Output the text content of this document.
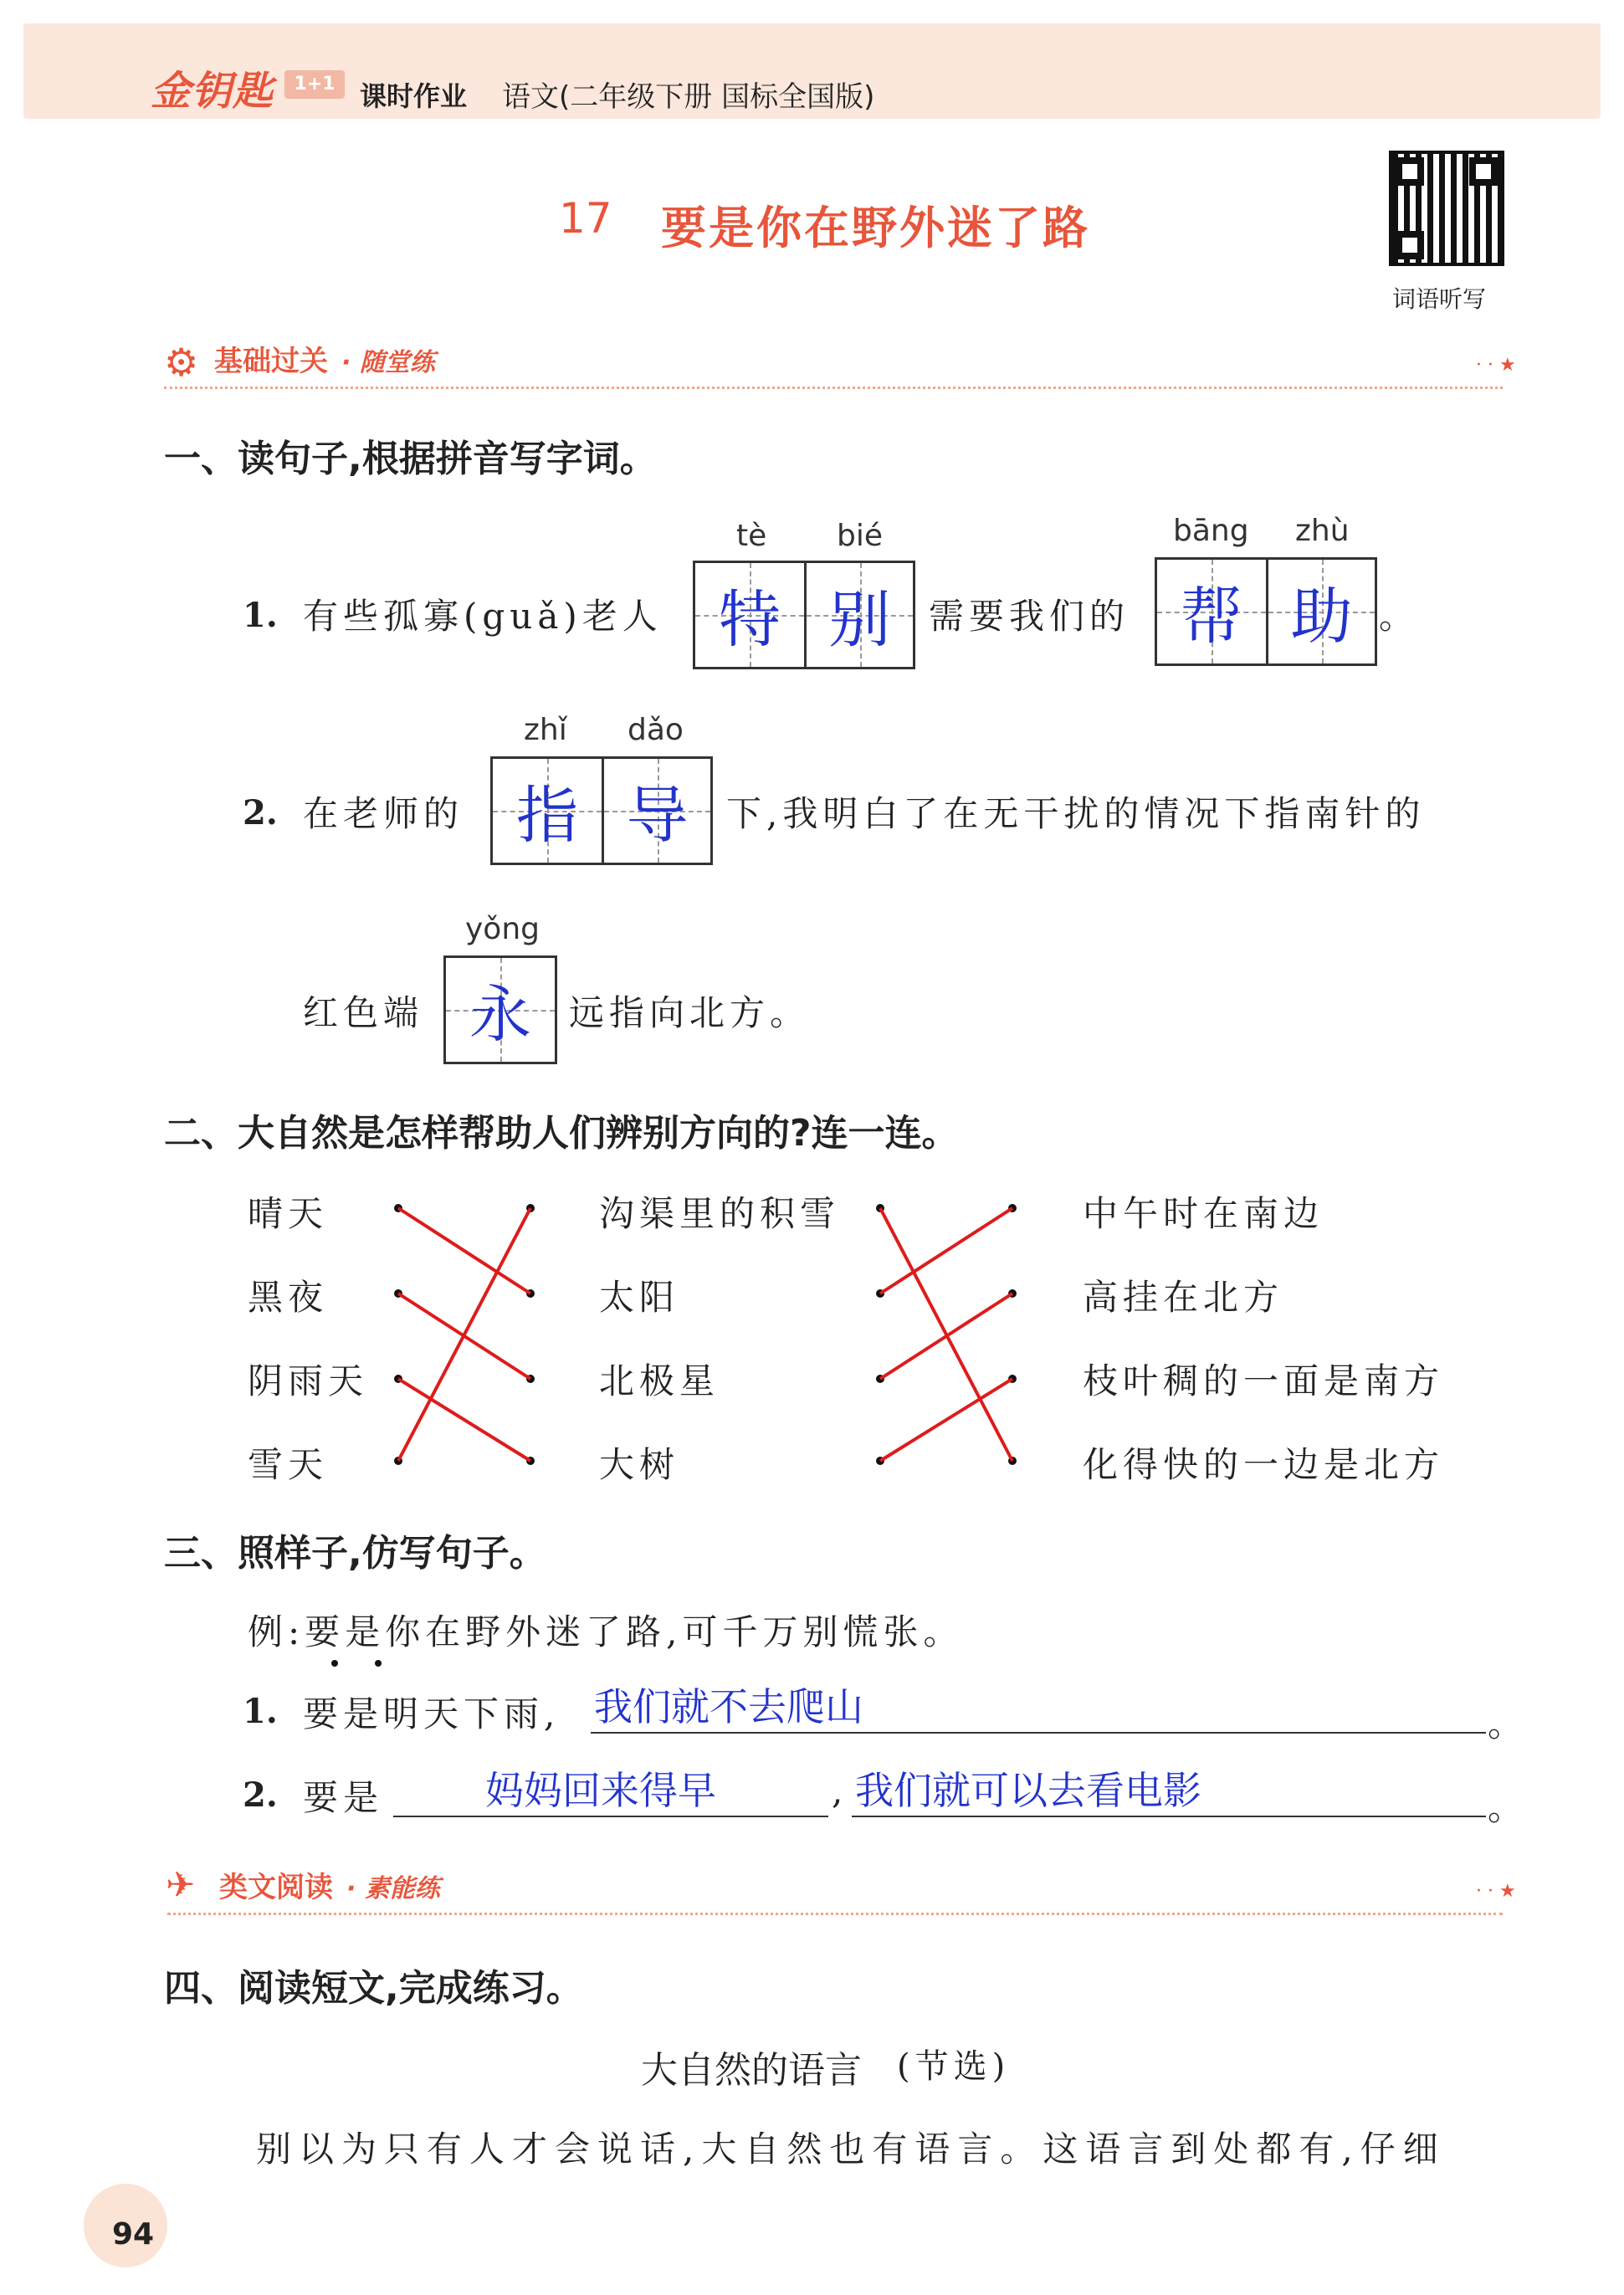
金钥匙	1+1 课时作业 语文(二年级下册 国标全国版)
17 要是你在野外迷了路
词语听写
⚙ 基础过关 · 随堂练	· · ★
一、读句子,根据拼音写字词。
1. 有些孤寡(guǎ)老人
tè bié
特 别 需要我们的
bāng zhù
帮 助 。
2. 在老师的
zhǐ dǎo
指 导 下,我明白了在无干扰的情况下指南针的
红色端
yǒng
永 远指向北方。
二、大自然是怎样帮助人们辨别方向的?连一连。
晴天
黑夜
阴雨天
雪天
沟渠里的积雪
太阳
北极星
大树
中午时在南边
高挂在北方
枝叶稠的一面是南方
化得快的一边是北方
三、照样子,仿写句子。
例:要是你在野外迷了路,可千万别慌张。
1. 要是明天下雨, 我们就不去爬山	。
2. 要是	妈妈回来得早	, 我们就可以去看电影	。
✈ 类文阅读 · 素能练	· · ★
四、阅读短文,完成练习。
大自然的语言 (节选)
别以为只有人才会说话,大自然也有语言。这语言到处都有,仔细
94
